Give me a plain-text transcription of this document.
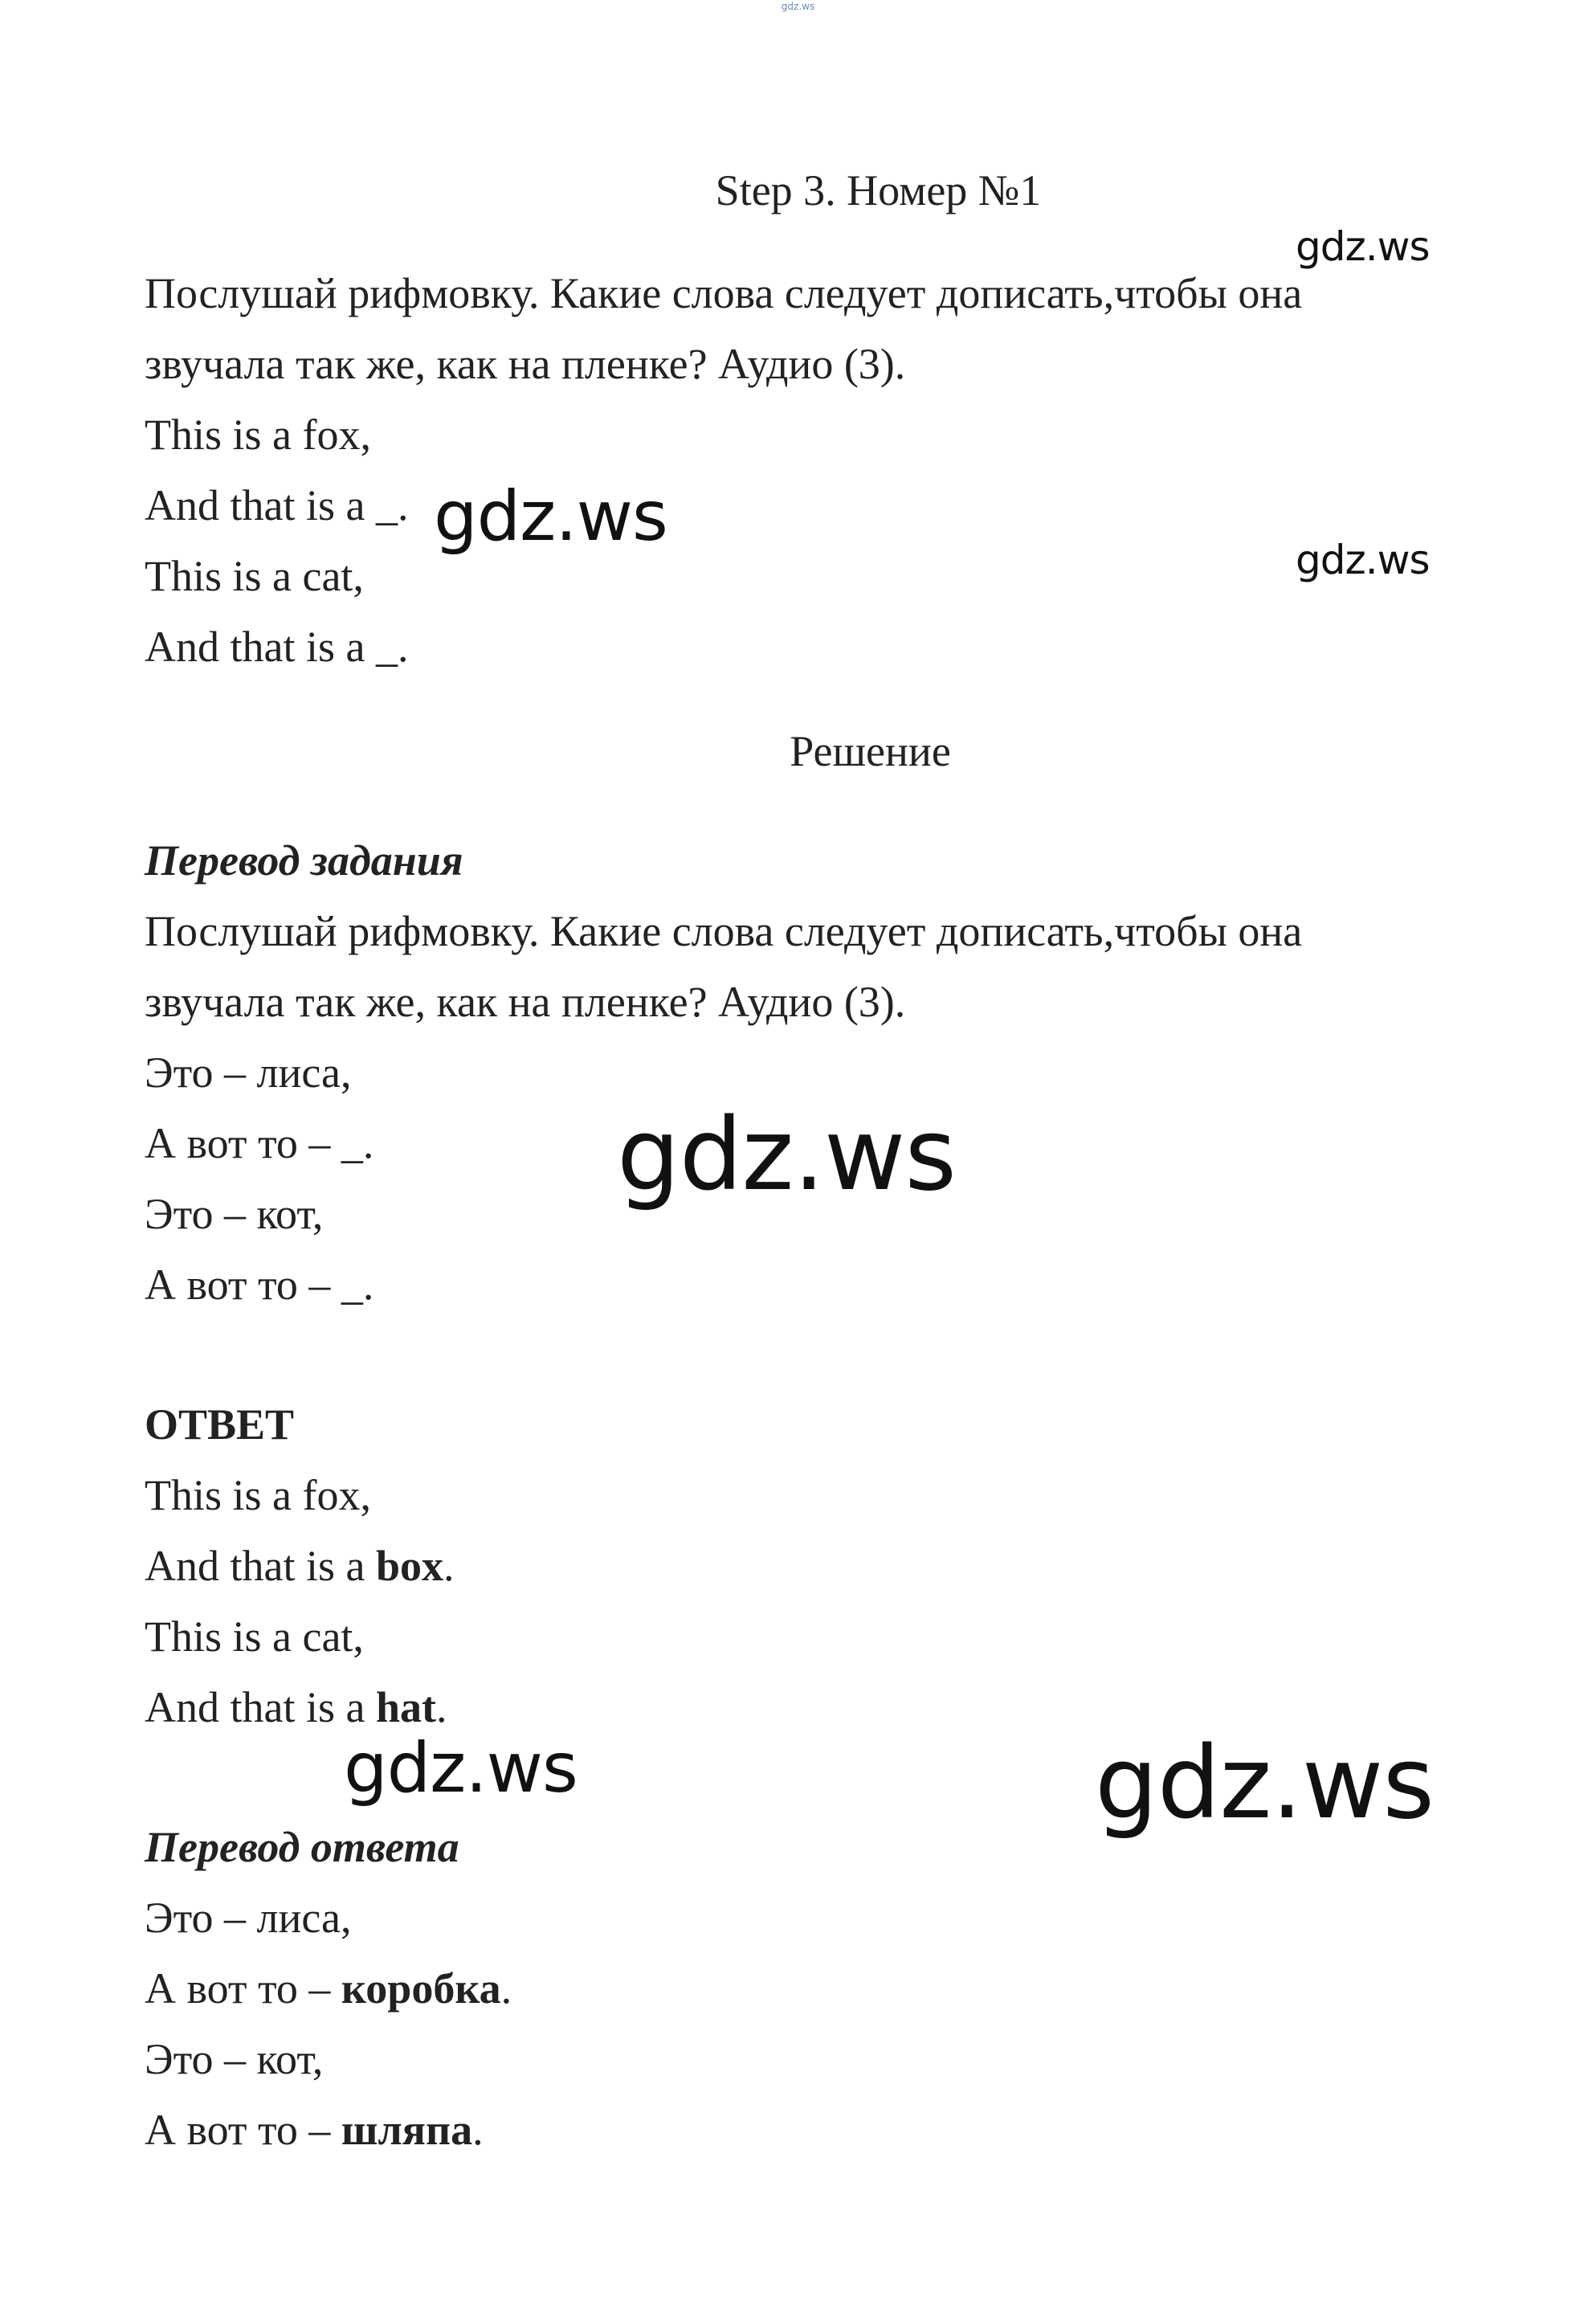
gdz.ws
gdz.ws
gdz.ws
gdz.ws
gdz.ws
gdz.ws	gdz.ws
Step 3. Номер №1
Послушай рифмовку. Какие слова следует дописать,чтобы она
звучала так же, как на пленке? Аудио (3).
This is a fox,
And that is a _.
This is a cat,
And that is a _.
Решение
Перевод задания
Послушай рифмовку. Какие слова следует дописать,чтобы она
звучала так же, как на пленке? Аудио (3).
Это – лиса,
А вот то – _.
Это – кот,
А вот то – _.
ОТВЕТ
This is a fox,
And that is a box.
This is a cat,
And that is a hat.
Перевод ответа
Это – лиса,
А вот то – коробка.
Это – кот,
А вот то – шляпа.
